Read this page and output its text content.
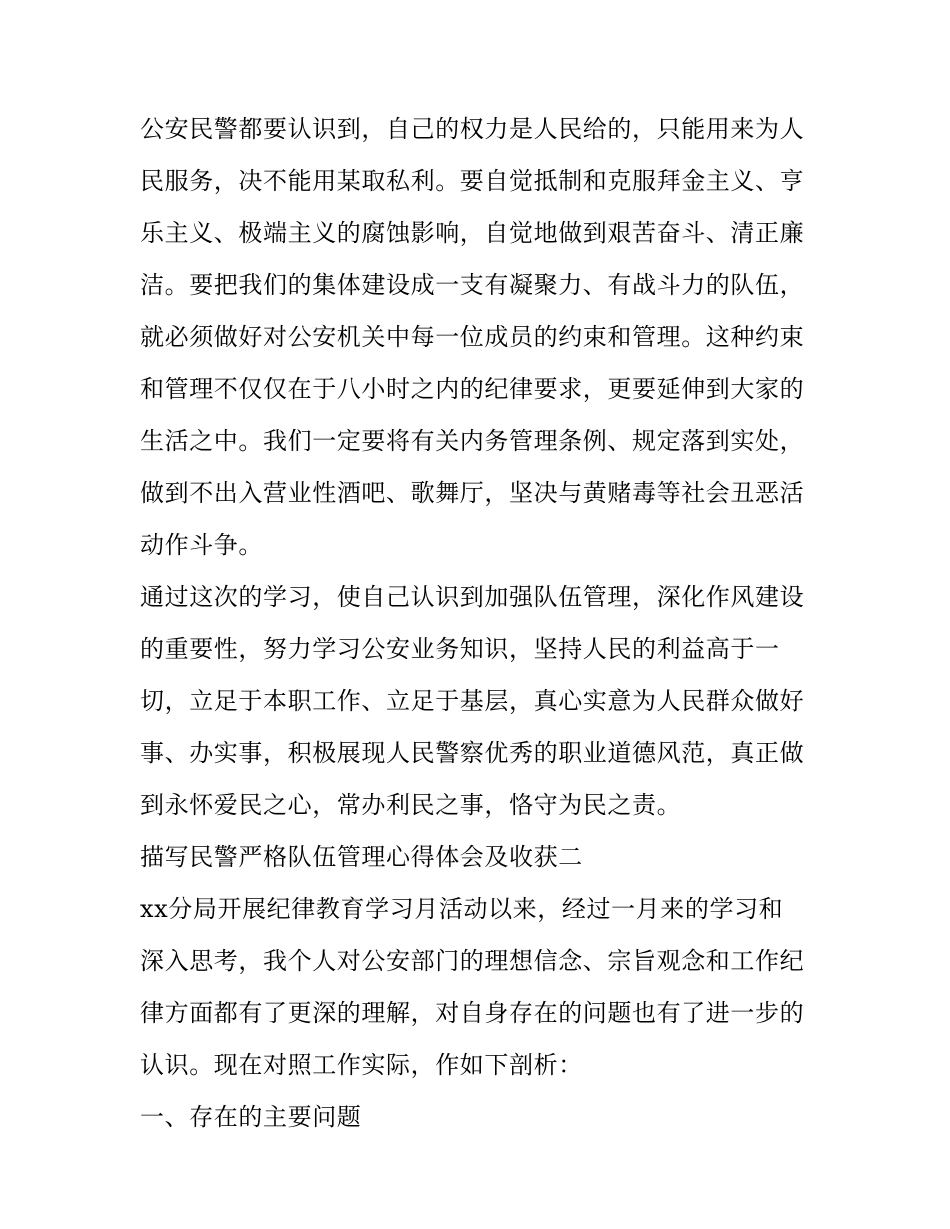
公安民警都要认识到，自己的权力是人民给的，只能用来为人
民服务，决不能用某取私利。要自觉抵制和克服拜金主义、亨
乐主义、极端主义的腐蚀影响，自觉地做到艰苦奋斗、清正廉
洁。要把我们的集体建设成一支有凝聚力、有战斗力的队伍，
就必须做好对公安机关中每一位成员的约束和管理。这种约束
和管理不仅仅在于八小时之内的纪律要求，更要延伸到大家的
生活之中。我们一定要将有关内务管理条例、规定落到实处，
做到不出入营业性酒吧、歌舞厅，坚决与黄赌毒等社会丑恶活
动作斗争。
通过这次的学习，使自己认识到加强队伍管理，深化作风建设
的重要性，努力学习公安业务知识，坚持人民的利益高于一
切，立足于本职工作、立足于基层，真心实意为人民群众做好
事、办实事，积极展现人民警察优秀的职业道德风范，真正做
到永怀爱民之心，常办利民之事，恪守为民之责。
描写民警严格队伍管理心得体会及收获二
xx分局开展纪律教育学习月活动以来，经过一月来的学习和
深入思考，我个人对公安部门的理想信念、宗旨观念和工作纪
律方面都有了更深的理解，对自身存在的问题也有了进一步的
认识。现在对照工作实际，作如下剖析：
一、存在的主要问题
